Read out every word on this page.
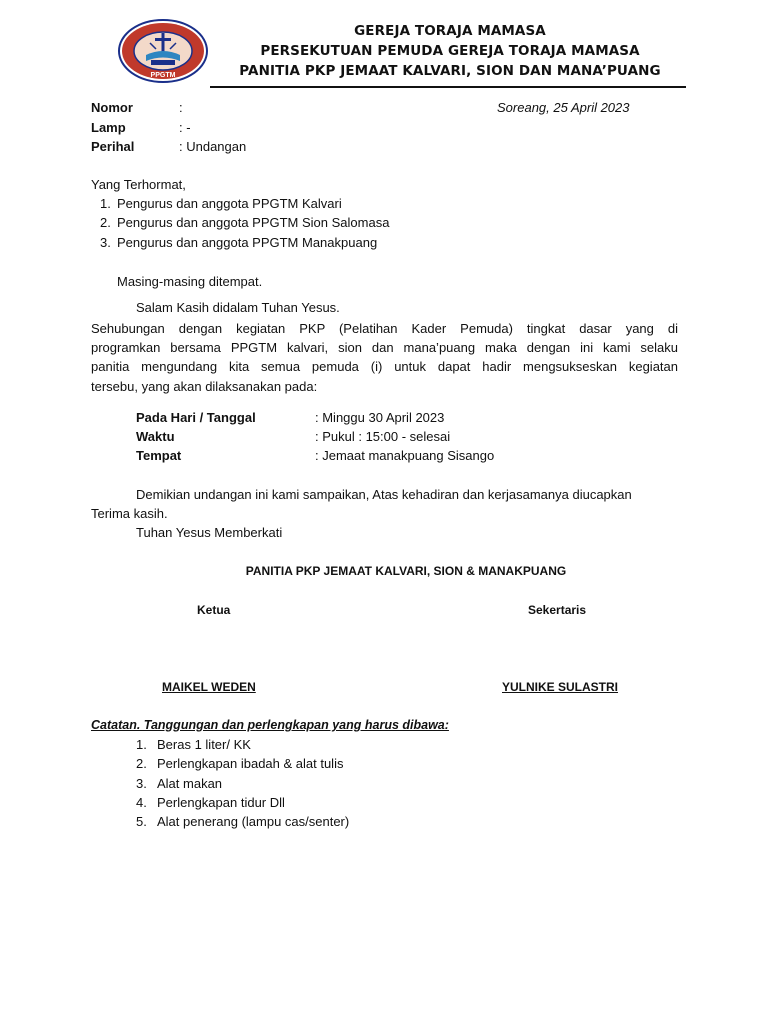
PPGTM
GEREJA TORAJA MAMASA
PERSEKUTUAN PEMUDA GEREJA TORAJA MAMASA
PANITIA PKP JEMAAT KALVARI, SION DAN MANA’PUANG
Nomor	:	Soreang, 25 April 2023
Lamp	: -
Perihal	: Undangan
Yang Terhormat,
1. Pengurus dan anggota PPGTM Kalvari
2. Pengurus dan anggota PPGTM Sion Salomasa
3. Pengurus dan anggota PPGTM Manakpuang
Masing-masing ditempat.
Salam Kasih didalam Tuhan Yesus.
Sehubungan dengan kegiatan PKP (Pelatihan Kader Pemuda) tingkat dasar yang di
programkan bersama PPGTM kalvari, sion dan mana’puang maka dengan ini kami selaku
panitia mengundang kita semua pemuda (i) untuk dapat hadir mengsukseskan kegiatan
tersebu, yang akan dilaksanakan pada:
Pada Hari / Tanggal	: Minggu 30 April 2023
Waktu	: Pukul : 15:00 - selesai
Tempat	: Jemaat manakpuang Sisango
Demikian undangan ini kami sampaikan, Atas kehadiran dan kerjasamanya diucapkan
Terima kasih.
Tuhan Yesus Memberkati
PANITIA PKP JEMAAT KALVARI, SION & MANAKPUANG
Ketua	Sekertaris
MAIKEL WEDEN	YULNIKE SULASTRI
Catatan. Tanggungan dan perlengkapan yang harus dibawa:
1. Beras 1 liter/ KK
2. Perlengkapan ibadah & alat tulis
3. Alat makan
4. Perlengkapan tidur Dll
5. Alat penerang (lampu cas/senter)
